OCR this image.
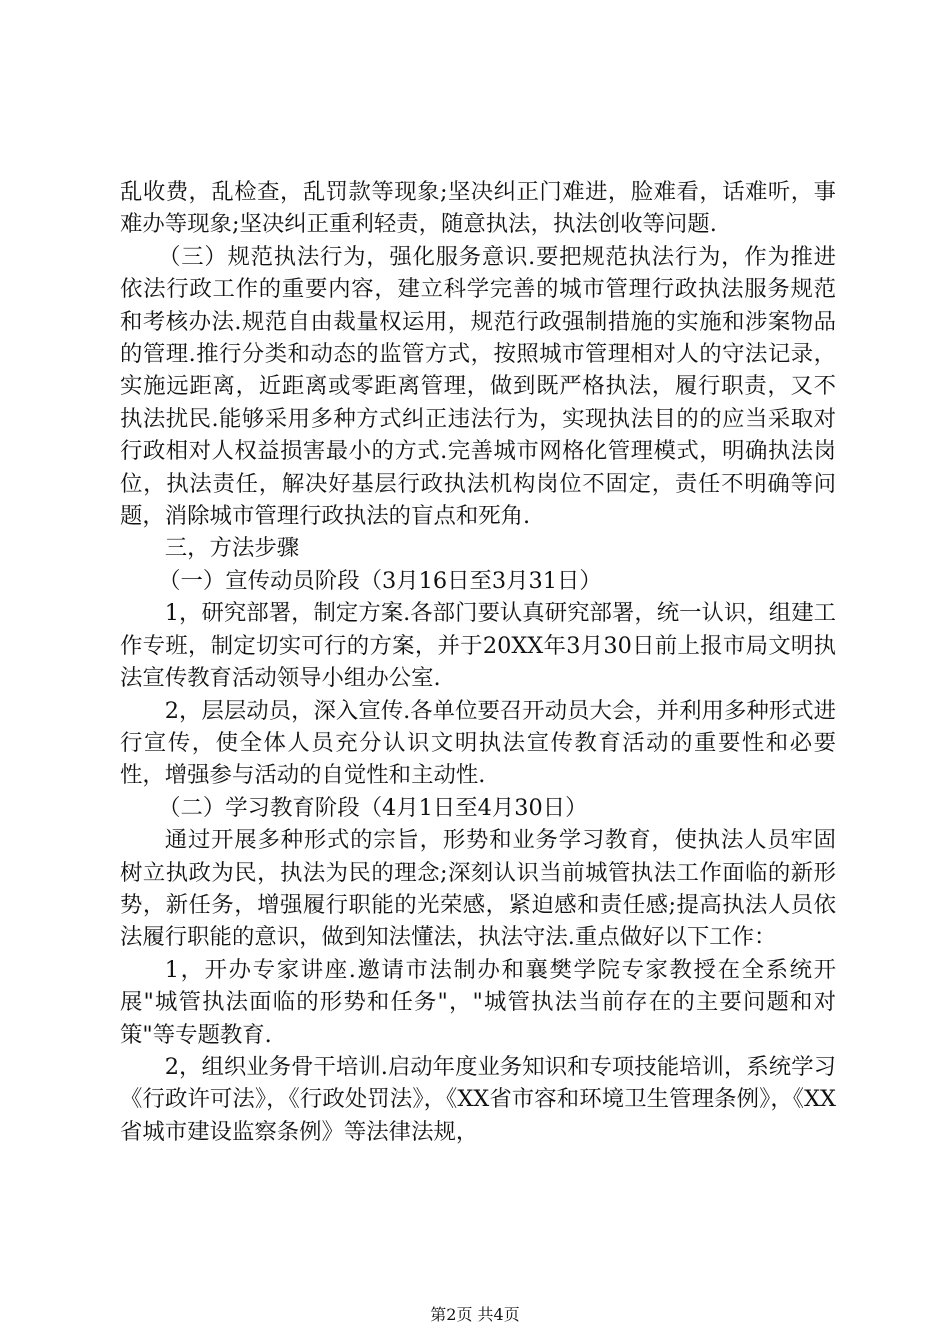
乱收费，乱检查，乱罚款等现象;坚决纠正门难进，脸难看，话难听，事难办等现象;坚决纠正重利轻责，随意执法，执法创收等问题.

（三）规范执法行为，强化服务意识.要把规范执法行为，作为推进依法行政工作的重要内容，建立科学完善的城市管理行政执法服务规范和考核办法.规范自由裁量权运用，规范行政强制措施的实施和涉案物品的管理.推行分类和动态的监管方式，按照城市管理相对人的守法记录，实施远距离，近距离或零距离管理，做到既严格执法，履行职责，又不执法扰民.能够采用多种方式纠正违法行为，实现执法目的的应当采取对行政相对人权益损害最小的方式.完善城市网格化管理模式，明确执法岗位，执法责任，解决好基层行政执法机构岗位不固定，责任不明确等问题，消除城市管理行政执法的盲点和死角.

三，方法步骤

（一）宣传动员阶段（3月16日至3月31日）

1，研究部署，制定方案.各部门要认真研究部署，统一认识，组建工作专班，制定切实可行的方案，并于20XX年3月30日前上报市局文明执法宣传教育活动领导小组办公室.

2，层层动员，深入宣传.各单位要召开动员大会，并利用多种形式进行宣传，使全体人员充分认识文明执法宣传教育活动的重要性和必要性，增强参与活动的自觉性和主动性.

（二）学习教育阶段（4月1日至4月30日）

通过开展多种形式的宗旨，形势和业务学习教育，使执法人员牢固树立执政为民，执法为民的理念;深刻认识当前城管执法工作面临的新形势，新任务，增强履行职能的光荣感，紧迫感和责任感;提高执法人员依法履行职能的意识，做到知法懂法，执法守法.重点做好以下工作：

1，开办专家讲座.邀请市法制办和襄樊学院专家教授在全系统开展"城管执法面临的形势和任务"，"城管执法当前存在的主要问题和对策"等专题教育.

2，组织业务骨干培训.启动年度业务知识和专项技能培训，系统学习《行政许可法》，《行政处罚法》，《XX省市容和环境卫生管理条例》，《XX省城市建设监察条例》等法律法规，

第2页 共4页
